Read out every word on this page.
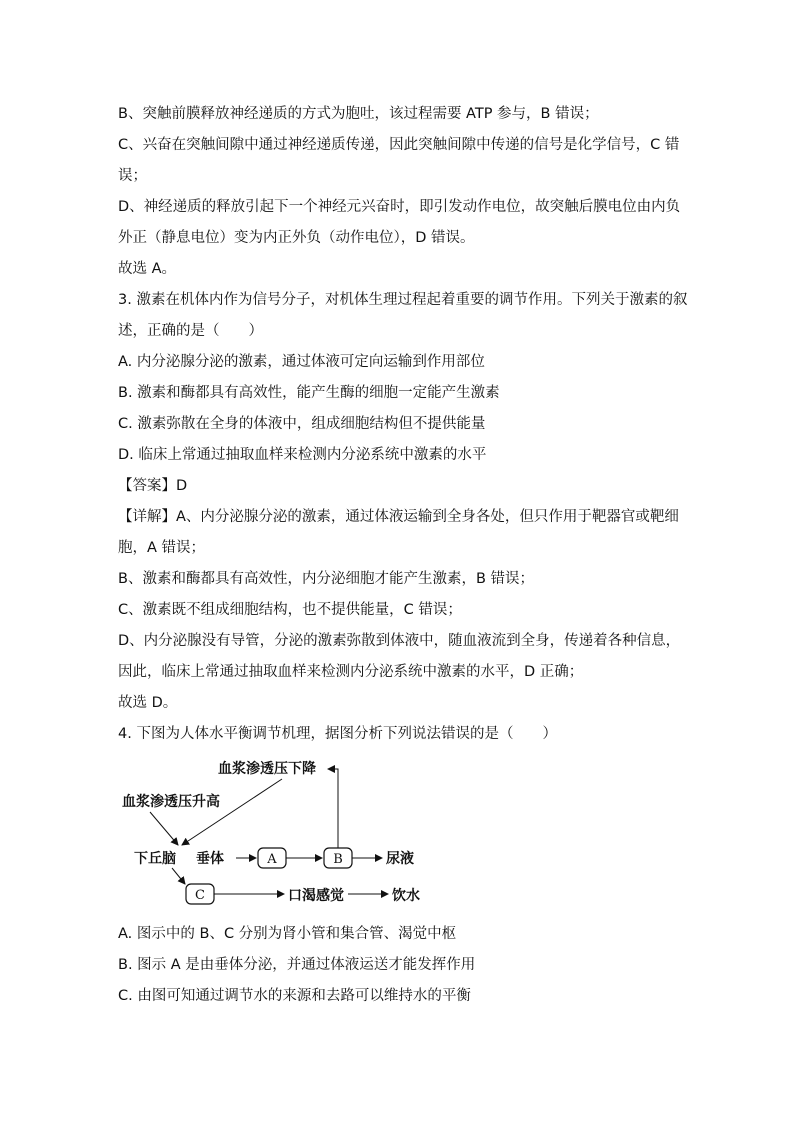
B、突触前膜释放神经递质的方式为胞吐，该过程需要 ATP 参与，B 错误；
C、兴奋在突触间隙中通过神经递质传递，因此突触间隙中传递的信号是化学信号，C 错
误；
D、神经递质的释放引起下一个神经元兴奋时，即引发动作电位，故突触后膜电位由内负
外正（静息电位）变为内正外负（动作电位），D 错误。
故选 A。
3. 激素在机体内作为信号分子，对机体生理过程起着重要的调节作用。下列关于激素的叙
述，正确的是（　　）
A. 内分泌腺分泌的激素，通过体液可定向运输到作用部位
B. 激素和酶都具有高效性，能产生酶的细胞一定能产生激素
C. 激素弥散在全身的体液中，组成细胞结构但不提供能量
D. 临床上常通过抽取血样来检测内分泌系统中激素的水平
【答案】D
【详解】A、内分泌腺分泌的激素，通过体液运输到全身各处，但只作用于靶器官或靶细
胞，A 错误；
B、激素和酶都具有高效性，内分泌细胞才能产生激素，B 错误；
C、激素既不组成细胞结构，也不提供能量，C 错误；
D、内分泌腺没有导管，分泌的激素弥散到体液中，随血液流到全身，传递着各种信息，
因此，临床上常通过抽取血样来检测内分泌系统中激素的水平，D 正确；
故选 D。
4. 下图为人体水平衡调节机理，据图分析下列说法错误的是（　　）
血浆渗透压下降
血浆渗透压升高
下丘脑 垂体	尿液
口渴感觉	饮水
A	B
C
A. 图示中的 B、C 分别为肾小管和集合管、渴觉中枢
B. 图示 A 是由垂体分泌，并通过体液运送才能发挥作用
C. 由图可知通过调节水的来源和去路可以维持水的平衡
